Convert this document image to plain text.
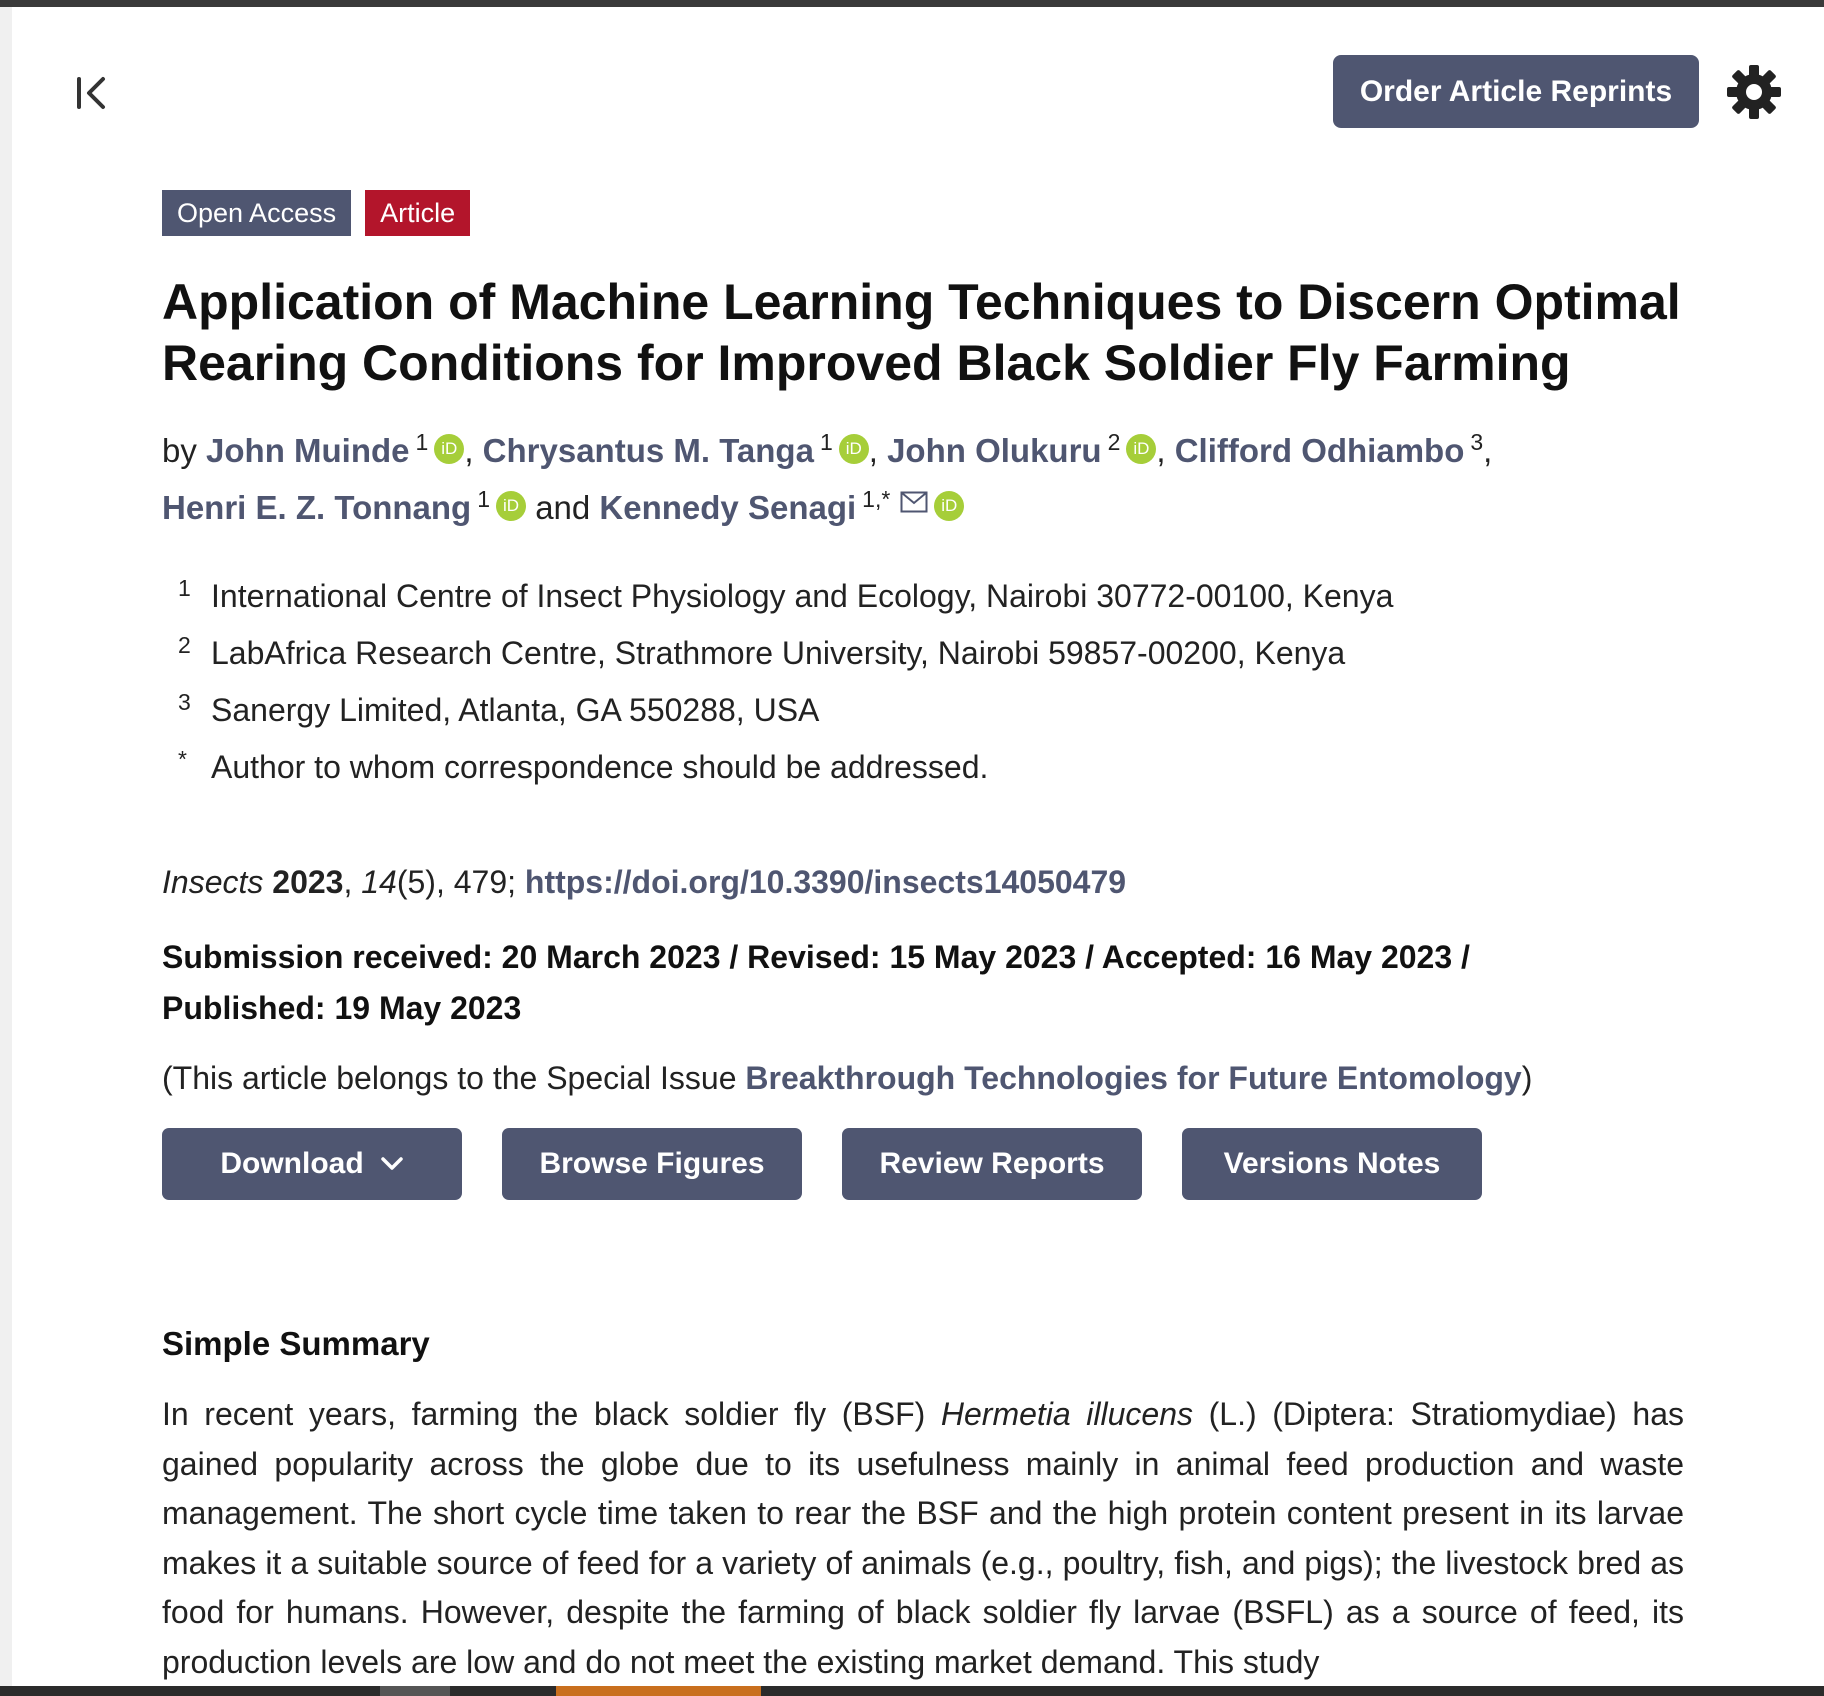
Order Article Reprints
Open Access	Article
Application of Machine Learning Techniques to Discern Optimal Rearing Conditions for Improved Black Soldier Fly Farming
by John Muinde $^1$ iD , Chrysantus M. Tanga $^1$ iD , John Olukuru $^2$ iD , Clifford Odhiambo $^3$,
Henri E. Z. Tonnang $^1$ iD and Kennedy Senagi $^{1,*}$	iD
1 International Centre of Insect Physiology and Ecology, Nairobi 30772-00100, Kenya
2 LabAfrica Research Centre, Strathmore University, Nairobi 59857-00200, Kenya
3 Sanergy Limited, Atlanta, GA 550288, USA
* Author to whom correspondence should be addressed.
Insects 2023, 14(5), 479; https://doi.org/10.3390/insects14050479
Submission received: 20 March 2023 / Revised: 15 May 2023 / Accepted: 16 May 2023 / Published: 19 May 2023
(This article belongs to the Special Issue Breakthrough Technologies for Future Entomology)
Download	Browse Figures	Review Reports	Versions Notes
Simple Summary
In recent years, farming the black soldier fly (BSF) Hermetia illucens (L.) (Diptera: Stratiomydiae) has gained popularity across the globe due to its usefulness mainly in animal feed production and waste management. The short cycle time taken to rear the BSF and the high protein content present in its larvae makes it a suitable source of feed for a variety of animals (e.g., poultry, fish, and pigs); the livestock bred as food for humans. However, despite the farming of black soldier fly larvae (BSFL) as a source of feed, its production levels are low and do not meet the existing market demand. This study
